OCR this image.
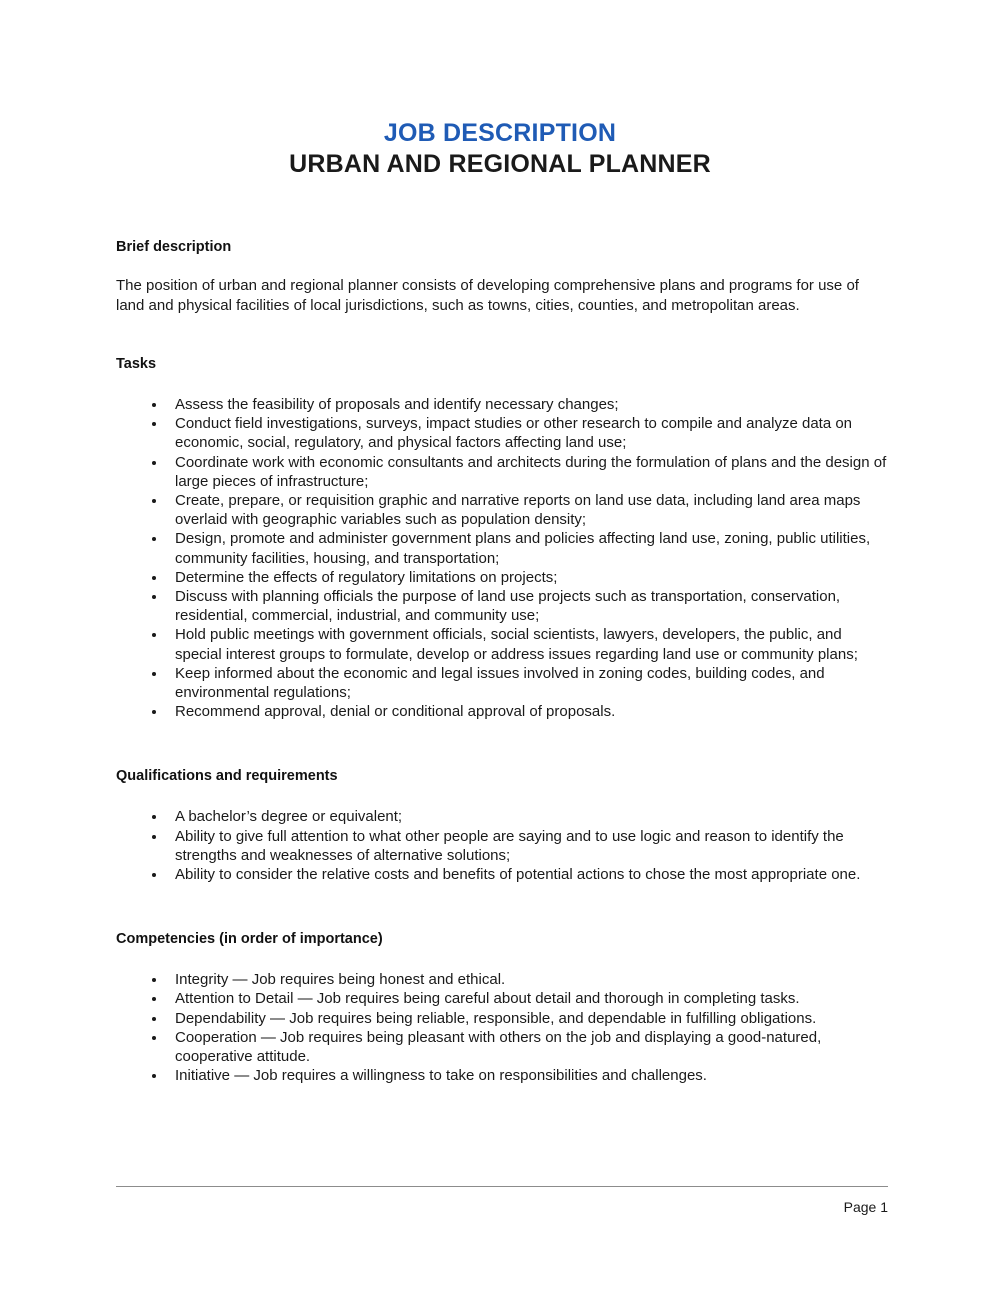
JOB DESCRIPTION
URBAN AND REGIONAL PLANNER
Brief description

The position of urban and regional planner consists of developing comprehensive plans and programs for use of land and physical facilities of local jurisdictions, such as towns, cities, counties, and metropolitan areas.

Tasks
Assess the feasibility of proposals and identify necessary changes;
Conduct field investigations, surveys, impact studies or other research to compile and analyze data on economic, social, regulatory, and physical factors affecting land use;
Coordinate work with economic consultants and architects during the formulation of plans and the design of large pieces of infrastructure;
Create, prepare, or requisition graphic and narrative reports on land use data, including land area maps overlaid with geographic variables such as population density;
Design, promote and administer government plans and policies affecting land use, zoning, public utilities, community facilities, housing, and transportation;
Determine the effects of regulatory limitations on projects;
Discuss with planning officials the purpose of land use projects such as transportation, conservation, residential, commercial, industrial, and community use;
Hold public meetings with government officials, social scientists, lawyers, developers, the public, and special interest groups to formulate, develop or address issues regarding land use or community plans;
Keep informed about the economic and legal issues involved in zoning codes, building codes, and environmental regulations;
Recommend approval, denial or conditional approval of proposals.
Qualifications and requirements
A bachelor’s degree or equivalent;
Ability to give full attention to what other people are saying and to use logic and reason to identify the strengths and weaknesses of alternative solutions;
Ability to consider the relative costs and benefits of potential actions to chose the most appropriate one.
Competencies (in order of importance)
Integrity — Job requires being honest and ethical.
Attention to Detail — Job requires being careful about detail and thorough in completing tasks.
Dependability — Job requires being reliable, responsible, and dependable in fulfilling obligations.
Cooperation — Job requires being pleasant with others on the job and displaying a good-natured, cooperative attitude.
Initiative — Job requires a willingness to take on responsibilities and challenges.
Page 1
